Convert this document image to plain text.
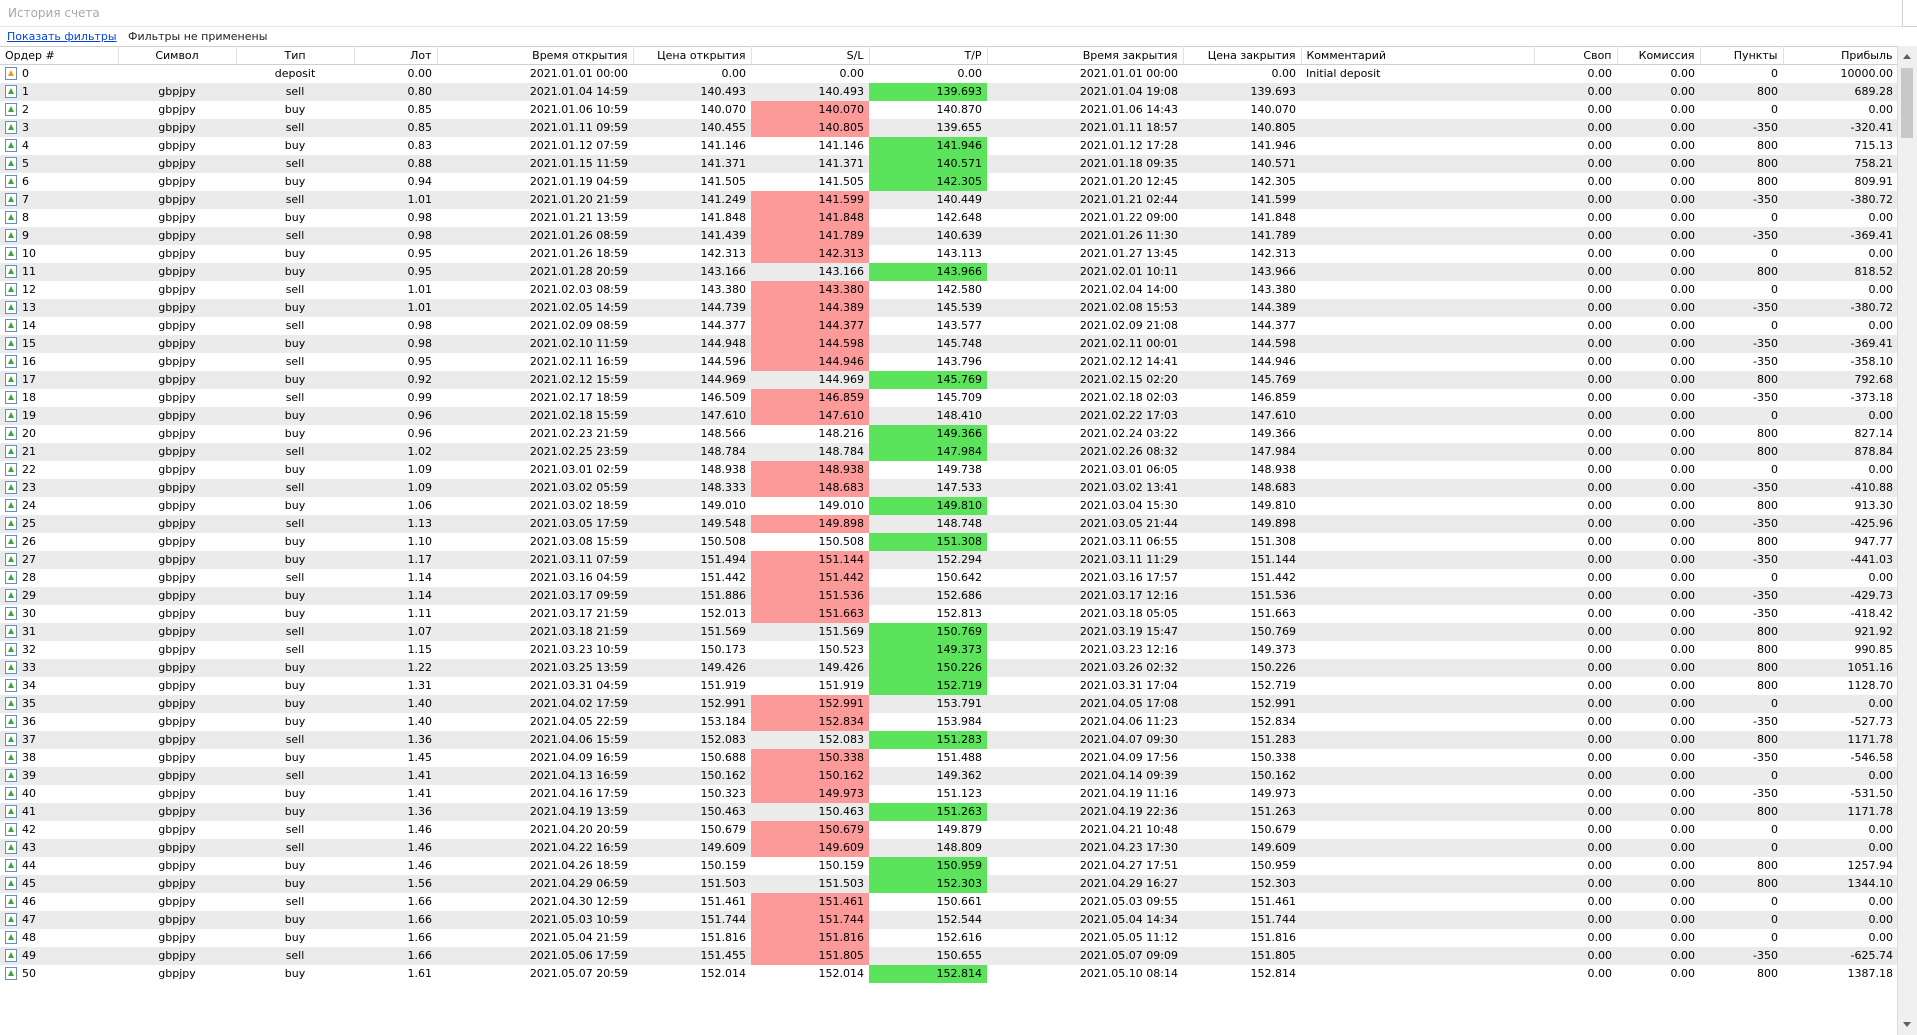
История счета
Показать фильтры Фильтры не применены
Ордер #	Символ	Тип	Лот	Время открытия	Цена открытия	S/L	T/P	Время закрытия	Цена закрытия	Комментарий	Своп	Комиссия	Пункты	Прибыль
0		deposit	0.00	2021.01.01 00:00	0.00	0.00	0.00	2021.01.01 00:00	0.00	Initial deposit	0.00	0.00	0	10000.00
1	gbpjpy	sell	0.80	2021.01.04 14:59	140.493	140.493	139.693	2021.01.04 19:08	139.693		0.00	0.00	800	689.28
2	gbpjpy	buy	0.85	2021.01.06 10:59	140.070	140.070	140.870	2021.01.06 14:43	140.070		0.00	0.00	0	0.00
3	gbpjpy	sell	0.85	2021.01.11 09:59	140.455	140.805	139.655	2021.01.11 18:57	140.805		0.00	0.00	-350	-320.41
4	gbpjpy	buy	0.83	2021.01.12 07:59	141.146	141.146	141.946	2021.01.12 17:28	141.946		0.00	0.00	800	715.13
5	gbpjpy	sell	0.88	2021.01.15 11:59	141.371	141.371	140.571	2021.01.18 09:35	140.571		0.00	0.00	800	758.21
6	gbpjpy	buy	0.94	2021.01.19 04:59	141.505	141.505	142.305	2021.01.20 12:45	142.305		0.00	0.00	800	809.91
7	gbpjpy	sell	1.01	2021.01.20 21:59	141.249	141.599	140.449	2021.01.21 02:44	141.599		0.00	0.00	-350	-380.72
8	gbpjpy	buy	0.98	2021.01.21 13:59	141.848	141.848	142.648	2021.01.22 09:00	141.848		0.00	0.00	0	0.00
9	gbpjpy	sell	0.98	2021.01.26 08:59	141.439	141.789	140.639	2021.01.26 11:30	141.789		0.00	0.00	-350	-369.41
10	gbpjpy	buy	0.95	2021.01.26 18:59	142.313	142.313	143.113	2021.01.27 13:45	142.313		0.00	0.00	0	0.00
11	gbpjpy	buy	0.95	2021.01.28 20:59	143.166	143.166	143.966	2021.02.01 10:11	143.966		0.00	0.00	800	818.52
12	gbpjpy	sell	1.01	2021.02.03 08:59	143.380	143.380	142.580	2021.02.04 14:00	143.380		0.00	0.00	0	0.00
13	gbpjpy	buy	1.01	2021.02.05 14:59	144.739	144.389	145.539	2021.02.08 15:53	144.389		0.00	0.00	-350	-380.72
14	gbpjpy	sell	0.98	2021.02.09 08:59	144.377	144.377	143.577	2021.02.09 21:08	144.377		0.00	0.00	0	0.00
15	gbpjpy	buy	0.98	2021.02.10 11:59	144.948	144.598	145.748	2021.02.11 00:01	144.598		0.00	0.00	-350	-369.41
16	gbpjpy	sell	0.95	2021.02.11 16:59	144.596	144.946	143.796	2021.02.12 14:41	144.946		0.00	0.00	-350	-358.10
17	gbpjpy	buy	0.92	2021.02.12 15:59	144.969	144.969	145.769	2021.02.15 02:20	145.769		0.00	0.00	800	792.68
18	gbpjpy	sell	0.99	2021.02.17 18:59	146.509	146.859	145.709	2021.02.18 02:03	146.859		0.00	0.00	-350	-373.18
19	gbpjpy	buy	0.96	2021.02.18 15:59	147.610	147.610	148.410	2021.02.22 17:03	147.610		0.00	0.00	0	0.00
20	gbpjpy	buy	0.96	2021.02.23 21:59	148.566	148.216	149.366	2021.02.24 03:22	149.366		0.00	0.00	800	827.14
21	gbpjpy	sell	1.02	2021.02.25 23:59	148.784	148.784	147.984	2021.02.26 08:32	147.984		0.00	0.00	800	878.84
22	gbpjpy	buy	1.09	2021.03.01 02:59	148.938	148.938	149.738	2021.03.01 06:05	148.938		0.00	0.00	0	0.00
23	gbpjpy	sell	1.09	2021.03.02 05:59	148.333	148.683	147.533	2021.03.02 13:41	148.683		0.00	0.00	-350	-410.88
24	gbpjpy	buy	1.06	2021.03.02 18:59	149.010	149.010	149.810	2021.03.04 15:30	149.810		0.00	0.00	800	913.30
25	gbpjpy	sell	1.13	2021.03.05 17:59	149.548	149.898	148.748	2021.03.05 21:44	149.898		0.00	0.00	-350	-425.96
26	gbpjpy	buy	1.10	2021.03.08 15:59	150.508	150.508	151.308	2021.03.11 06:55	151.308		0.00	0.00	800	947.77
27	gbpjpy	buy	1.17	2021.03.11 07:59	151.494	151.144	152.294	2021.03.11 11:29	151.144		0.00	0.00	-350	-441.03
28	gbpjpy	sell	1.14	2021.03.16 04:59	151.442	151.442	150.642	2021.03.16 17:57	151.442		0.00	0.00	0	0.00
29	gbpjpy	buy	1.14	2021.03.17 09:59	151.886	151.536	152.686	2021.03.17 12:16	151.536		0.00	0.00	-350	-429.73
30	gbpjpy	buy	1.11	2021.03.17 21:59	152.013	151.663	152.813	2021.03.18 05:05	151.663		0.00	0.00	-350	-418.42
31	gbpjpy	sell	1.07	2021.03.18 21:59	151.569	151.569	150.769	2021.03.19 15:47	150.769		0.00	0.00	800	921.92
32	gbpjpy	sell	1.15	2021.03.23 10:59	150.173	150.523	149.373	2021.03.23 12:16	149.373		0.00	0.00	800	990.85
33	gbpjpy	buy	1.22	2021.03.25 13:59	149.426	149.426	150.226	2021.03.26 02:32	150.226		0.00	0.00	800	1051.16
34	gbpjpy	buy	1.31	2021.03.31 04:59	151.919	151.919	152.719	2021.03.31 17:04	152.719		0.00	0.00	800	1128.70
35	gbpjpy	buy	1.40	2021.04.02 17:59	152.991	152.991	153.791	2021.04.05 17:08	152.991		0.00	0.00	0	0.00
36	gbpjpy	buy	1.40	2021.04.05 22:59	153.184	152.834	153.984	2021.04.06 11:23	152.834		0.00	0.00	-350	-527.73
37	gbpjpy	sell	1.36	2021.04.06 15:59	152.083	152.083	151.283	2021.04.07 09:30	151.283		0.00	0.00	800	1171.78
38	gbpjpy	buy	1.45	2021.04.09 16:59	150.688	150.338	151.488	2021.04.09 17:56	150.338		0.00	0.00	-350	-546.58
39	gbpjpy	sell	1.41	2021.04.13 16:59	150.162	150.162	149.362	2021.04.14 09:39	150.162		0.00	0.00	0	0.00
40	gbpjpy	buy	1.41	2021.04.16 17:59	150.323	149.973	151.123	2021.04.19 11:16	149.973		0.00	0.00	-350	-531.50
41	gbpjpy	buy	1.36	2021.04.19 13:59	150.463	150.463	151.263	2021.04.19 22:36	151.263		0.00	0.00	800	1171.78
42	gbpjpy	sell	1.46	2021.04.20 20:59	150.679	150.679	149.879	2021.04.21 10:48	150.679		0.00	0.00	0	0.00
43	gbpjpy	sell	1.46	2021.04.22 16:59	149.609	149.609	148.809	2021.04.23 17:30	149.609		0.00	0.00	0	0.00
44	gbpjpy	buy	1.46	2021.04.26 18:59	150.159	150.159	150.959	2021.04.27 17:51	150.959		0.00	0.00	800	1257.94
45	gbpjpy	buy	1.56	2021.04.29 06:59	151.503	151.503	152.303	2021.04.29 16:27	152.303		0.00	0.00	800	1344.10
46	gbpjpy	sell	1.66	2021.04.30 12:59	151.461	151.461	150.661	2021.05.03 09:55	151.461		0.00	0.00	0	0.00
47	gbpjpy	buy	1.66	2021.05.03 10:59	151.744	151.744	152.544	2021.05.04 14:34	151.744		0.00	0.00	0	0.00
48	gbpjpy	buy	1.66	2021.05.04 21:59	151.816	151.816	152.616	2021.05.05 11:12	151.816		0.00	0.00	0	0.00
49	gbpjpy	sell	1.66	2021.05.06 17:59	151.455	151.805	150.655	2021.05.07 09:09	151.805		0.00	0.00	-350	-625.74
50	gbpjpy	buy	1.61	2021.05.07 20:59	152.014	152.014	152.814	2021.05.10 08:14	152.814		0.00	0.00	800	1387.18
